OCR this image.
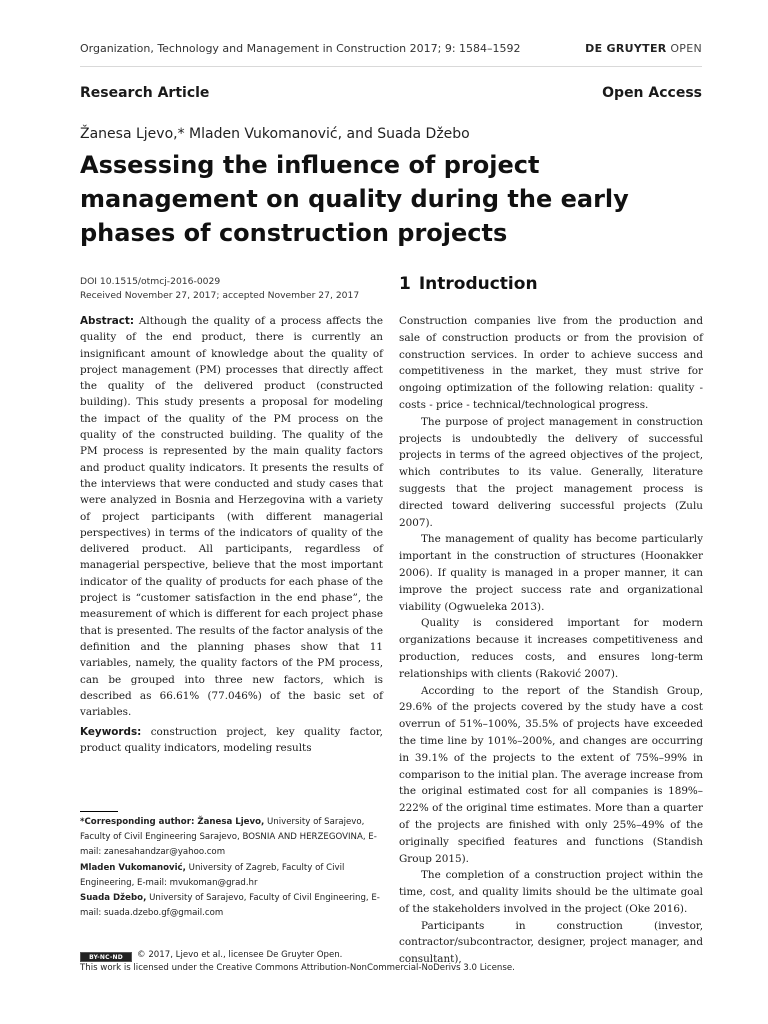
Organization, Technology and Management in Construction 2017; 9: 1584–1592	DE GRUYTER OPEN
Research Article	Open Access
Žanesa Ljevo,* Mladen Vukomanović, and Suada Džebo
Assessing the influence of project management on quality during the early phases of construction projects
DOI 10.1515/otmcj-2016-0029
Received November 27, 2017; accepted November 27, 2017

Abstract: Although the quality of a process affects the quality of the end product, there is currently an insignificant amount of knowledge about the quality of project management (PM) processes that directly affect the quality of the delivered product (constructed building). This study presents a proposal for modeling the impact of the quality of the PM process on the quality of the constructed building. The quality of the PM process is represented by the main quality factors and product quality indicators. It presents the results of the interviews that were conducted and study cases that were analyzed in Bosnia and Herzegovina with a variety of project participants (with different managerial perspectives) in terms of the indicators of quality of the delivered product. All participants, regardless of managerial perspective, believe that the most important indicator of the quality of products for each phase of the project is “customer satisfaction in the end phase”, the measurement of which is different for each project phase that is presented. The results of the factor analysis of the definition and the planning phases show that 11 variables, namely, the quality factors of the PM process, can be grouped into three new factors, which is described as 66.61% (77.046%) of the basic set of variables.

Keywords: construction project, key quality factor, product quality indicators, modeling results

*Corresponding author: Žanesa Ljevo, University of Sarajevo, Faculty of Civil Engineering Sarajevo, BOSNIA AND HERZEGOVINA, E-mail: zanesahandzar@yahoo.com
Mladen Vukomanović, University of Zagreb, Faculty of Civil Engineering, E-mail: mvukoman@grad.hr
Suada Džebo, University of Sarajevo, Faculty of Civil Engineering, E-mail: suada.dzebo.gf@gmail.com
BY-NC-ND © 2017, Ljevo et al., licensee De Gruyter Open.
This work is licensed under the Creative Commons Attribution-NonCommercial-NoDerivs 3.0 License.
1 Introduction

Construction companies live from the production and sale of construction products or from the provision of construction services. In order to achieve success and competitiveness in the market, they must strive for ongoing optimization of the following relation: quality - costs - price - technical/technological progress.

The purpose of project management in construction projects is undoubtedly the delivery of successful projects in terms of the agreed objectives of the project, which contributes to its value. Generally, literature suggests that the project management process is directed toward delivering successful projects (Zulu 2007).

The management of quality has become particularly important in the construction of structures (Hoonakker 2006). If quality is managed in a proper manner, it can improve the project success rate and organizational viability (Ogwueleka 2013).

Quality is considered important for modern organizations because it increases competitiveness and production, reduces costs, and ensures long-term relationships with clients (Raković 2007).

According to the report of the Standish Group, 29.6% of the projects covered by the study have a cost overrun of 51%–100%, 35.5% of projects have exceeded the time line by 101%–200%, and changes are occurring in 39.1% of the projects to the extent of 75%–99% in comparison to the initial plan. The average increase from the original estimated cost for all companies is 189%–222% of the original time estimates. More than a quarter of the projects are finished with only 25%–49% of the originally specified features and functions (Standish Group 2015).

The completion of a construction project within the time, cost, and quality limits should be the ultimate goal of the stakeholders involved in the project (Oke 2016).

Participants in construction (investor, contractor/subcontractor, designer, project manager, and consultant),
